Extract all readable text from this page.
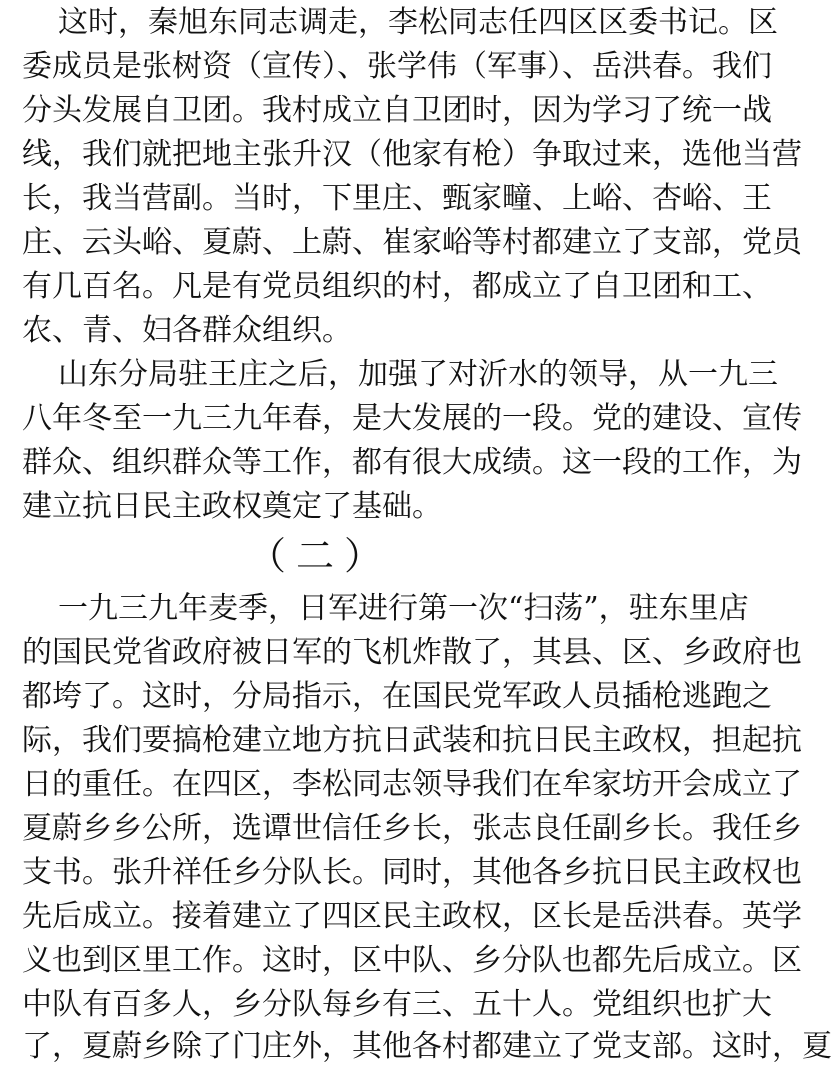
这时，秦旭东同志调走，李松同志任四区区委书记。区
委成员是张树资（宣传）、张学伟（军事）、岳洪春。我们
分头发展自卫团。我村成立自卫团时，因为学习了统一战
线，我们就把地主张升汉（他家有枪）争取过来，选他当营
长，我当营副。当时，下里庄、甄家疃、上峪、杏峪、王
庄、云头峪、夏蔚、上蔚、崔家峪等村都建立了支部，党员
有几百名。凡是有党员组织的村，都成立了自卫团和工、
农、青、妇各群众组织。
山东分局驻王庄之后，加强了对沂水的领导，从一九三
八年冬至一九三九年春，是大发展的一段。党的建设、宣传
群众、组织群众等工作，都有很大成绩。这一段的工作，为
建立抗日民主政权奠定了基础。
（二）
一九三九年麦季，日军进行第一次“扫荡”，驻东里店
的国民党省政府被日军的飞机炸散了，其县、区、乡政府也
都垮了。这时，分局指示，在国民党军政人员插枪逃跑之
际，我们要搞枪建立地方抗日武装和抗日民主政权，担起抗
日的重任。在四区，李松同志领导我们在牟家坊开会成立了
夏蔚乡乡公所，选谭世信任乡长，张志良任副乡长。我任乡
支书。张升祥任乡分队长。同时，其他各乡抗日民主政权也
先后成立。接着建立了四区民主政权，区长是岳洪春。英学
义也到区里工作。这时，区中队、乡分队也都先后成立。区
中队有百多人，乡分队每乡有三、五十人。党组织也扩大
了，夏蔚乡除了门庄外，其他各村都建立了党支部。这时，夏
